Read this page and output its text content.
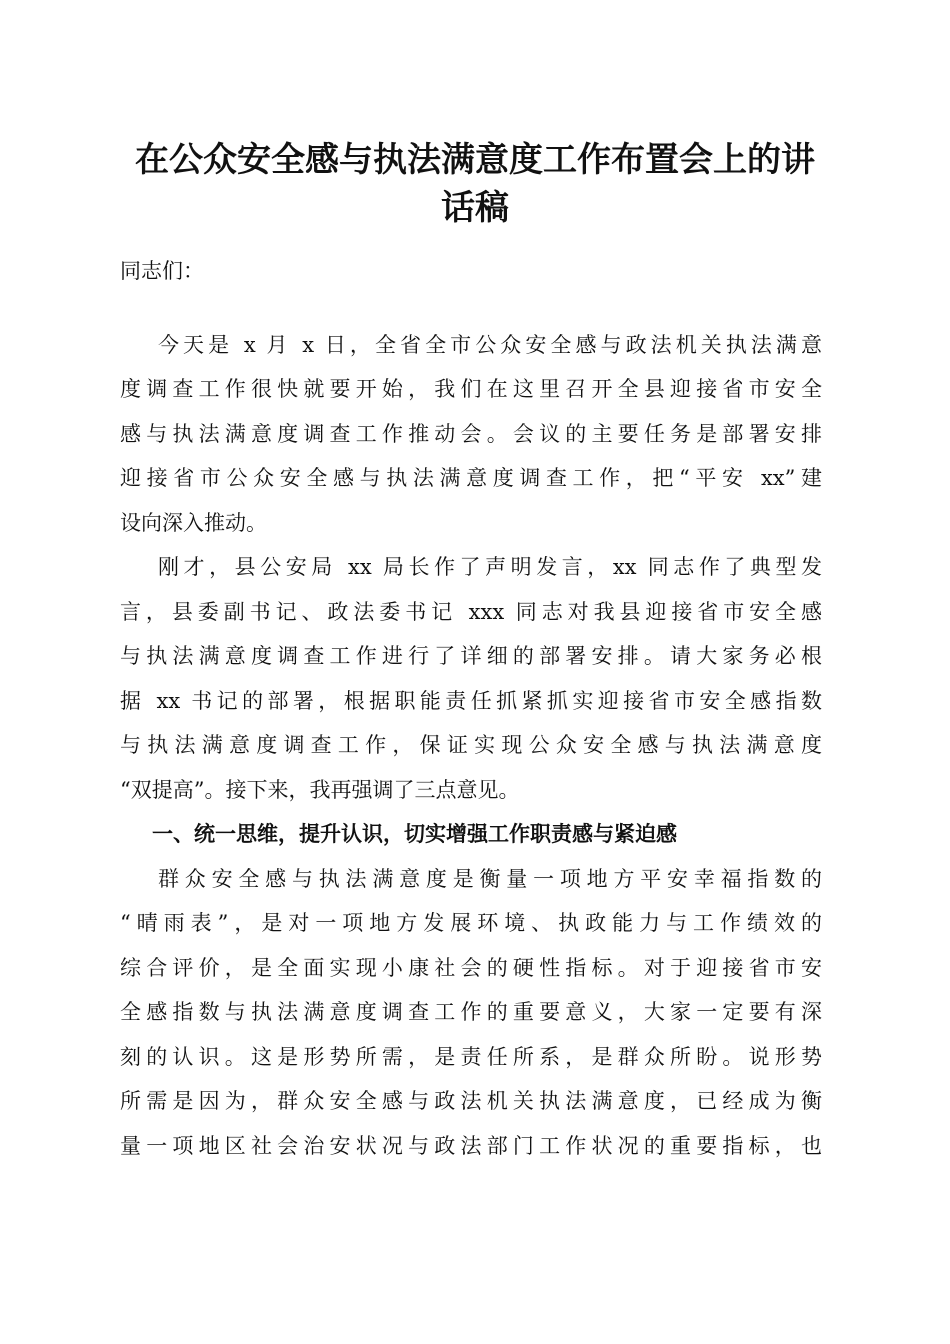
在公众安全感与执法满意度工作布置会上的讲
话稿
同志们：
今天是 x 月 x 日，全省全市公众安全感与政法机关执法满意
度调查工作很快就要开始，我们在这里召开全县迎接省市安全
感与执法满意度调查工作推动会。会议的主要任务是部署安排
迎接省市公众安全感与执法满意度调查工作，把“平安 xx”建
设向深入推动。
刚才，县公安局 xx 局长作了声明发言，xx 同志作了典型发
言，县委副书记、政法委书记 xxx 同志对我县迎接省市安全感
与执法满意度调查工作进行了详细的部署安排。请大家务必根
据 xx 书记的部署，根据职能责任抓紧抓实迎接省市安全感指数
与执法满意度调查工作，保证实现公众安全感与执法满意度
“双提高”。接下来，我再强调了三点意见。
一、统一思维，提升认识，切实增强工作职责感与紧迫感
群众安全感与执法满意度是衡量一项地方平安幸福指数的
“晴雨表”，是对一项地方发展环境、执政能力与工作绩效的
综合评价，是全面实现小康社会的硬性指标。对于迎接省市安
全感指数与执法满意度调查工作的重要意义，大家一定要有深
刻的认识。这是形势所需，是责任所系，是群众所盼。说形势
所需是因为，群众安全感与政法机关执法满意度，已经成为衡
量一项地区社会治安状况与政法部门工作状况的重要指标，也
